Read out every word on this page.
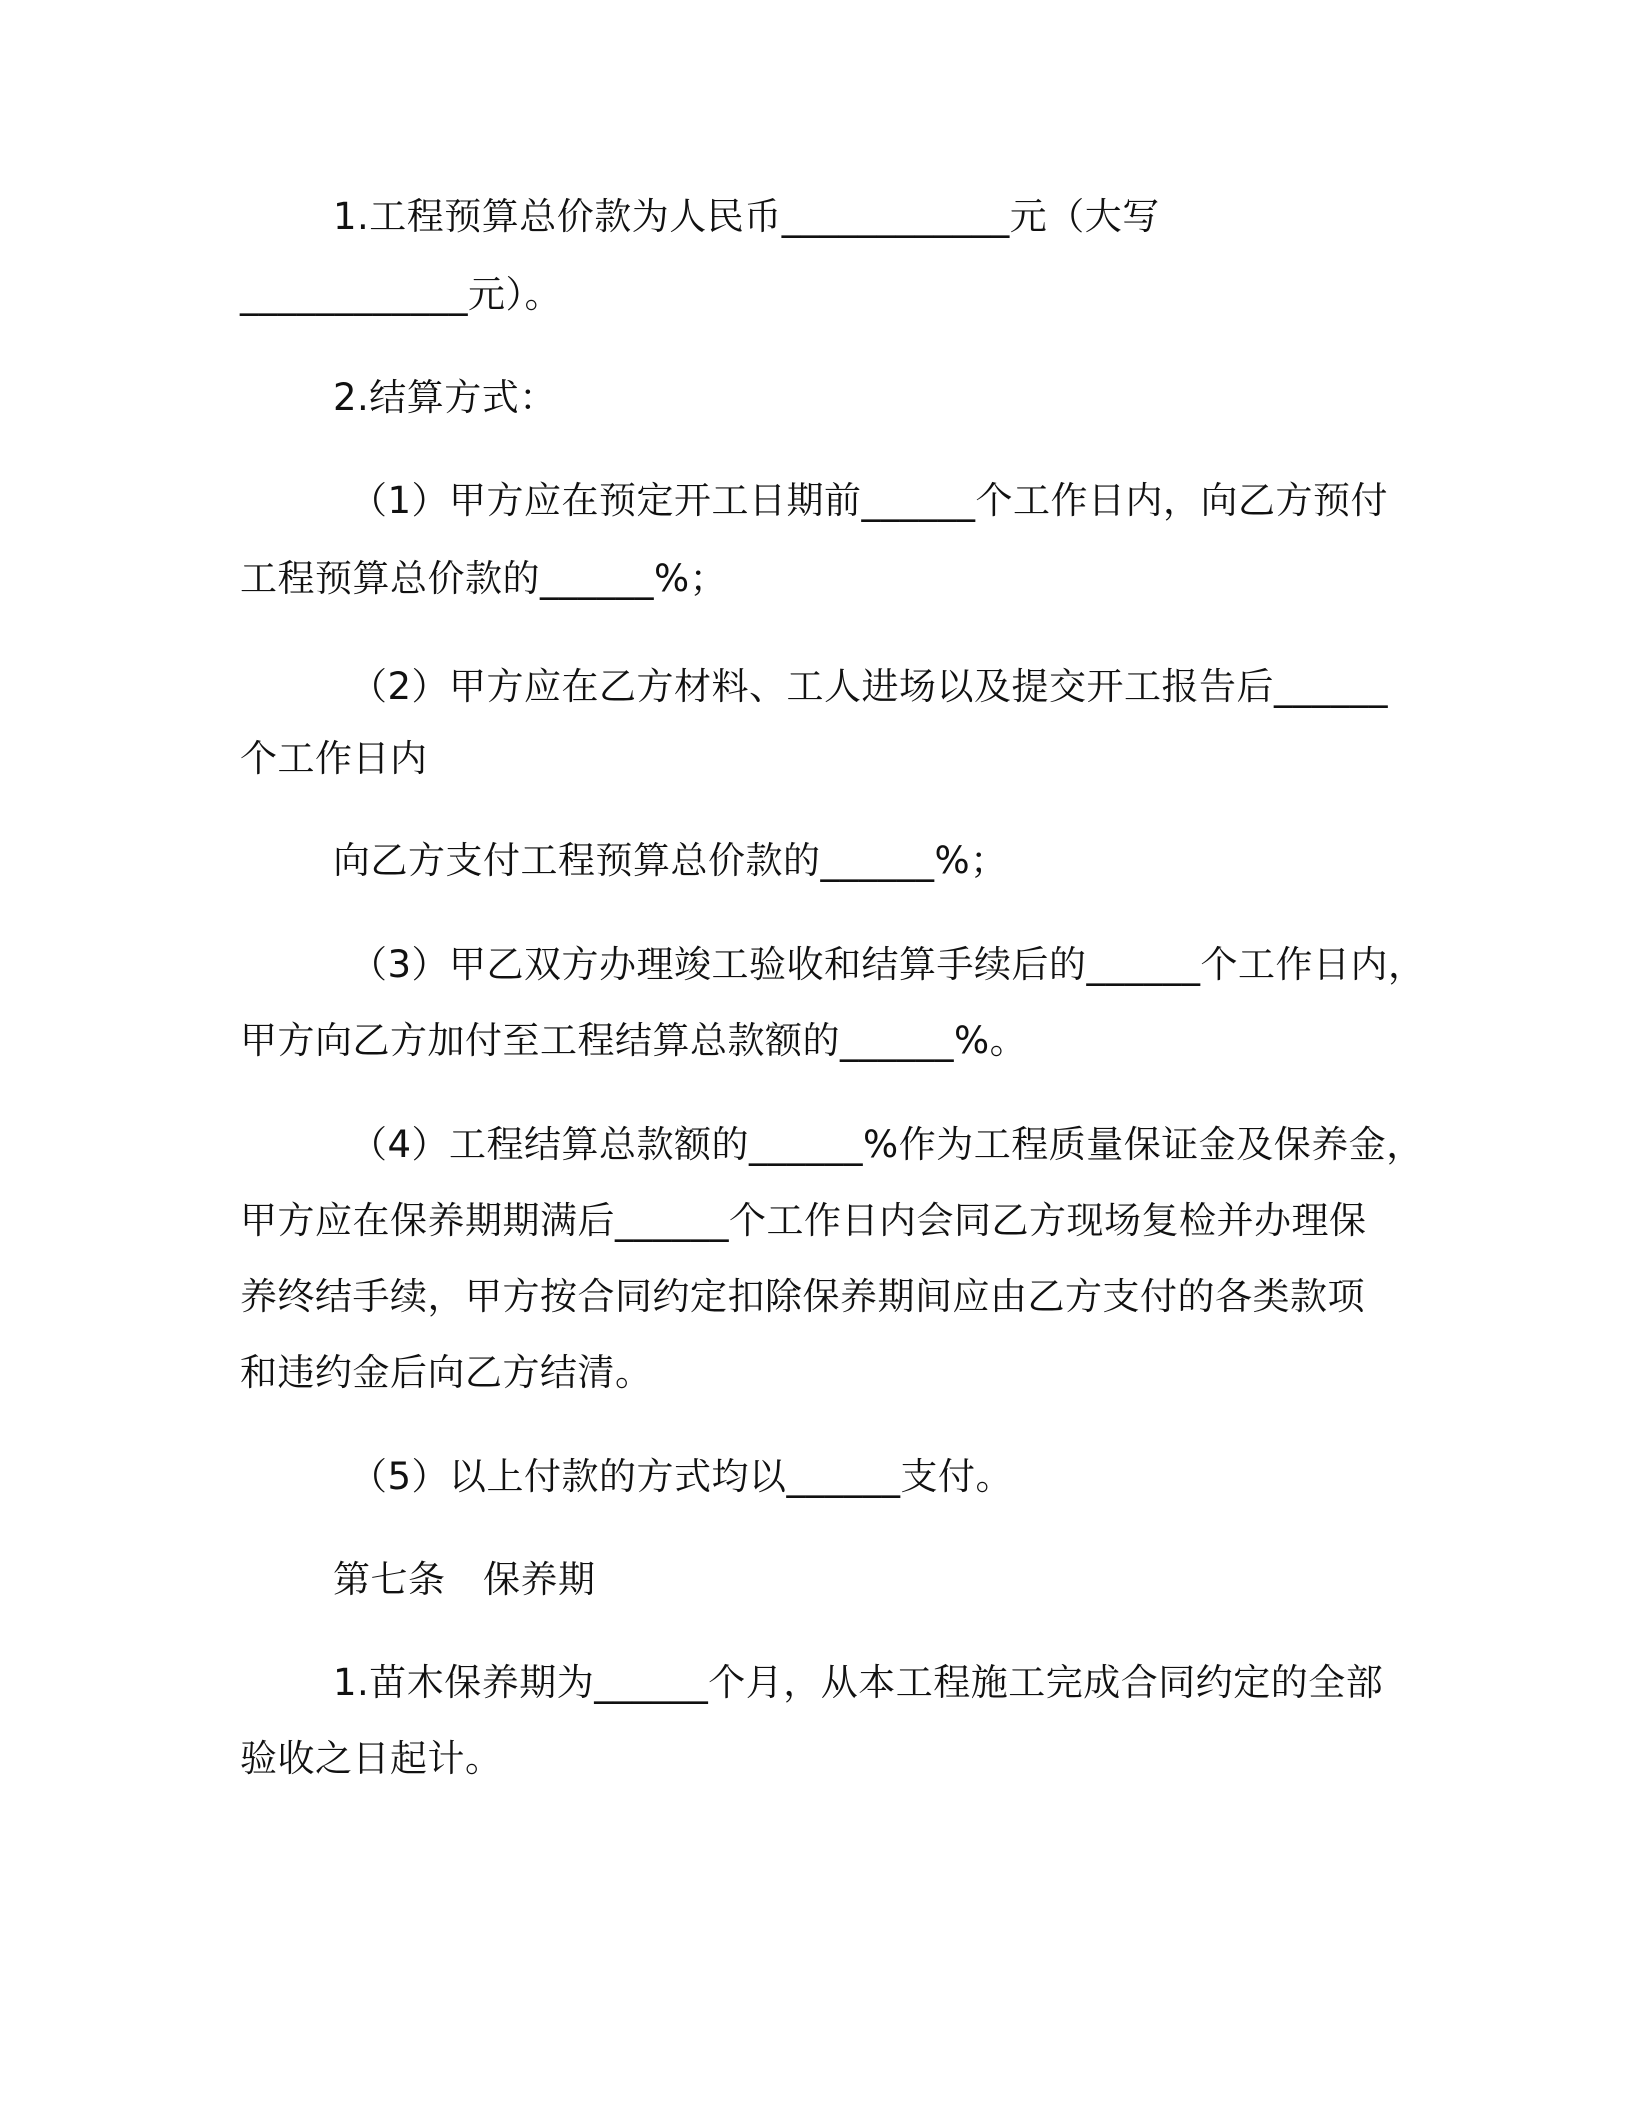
1.工程预算总价款为人民币____________元（大写
____________元）。
2.结算方式：
（1）甲方应在预定开工日期前______个工作日内，向乙方预付
工程预算总价款的______%；
（2）甲方应在乙方材料、工人进场以及提交开工报告后______
个工作日内
向乙方支付工程预算总价款的______%；
（3）甲乙双方办理竣工验收和结算手续后的______个工作日内，
甲方向乙方加付至工程结算总款额的______%。
（4）工程结算总款额的______%作为工程质量保证金及保养金，
甲方应在保养期期满后______个工作日内会同乙方现场复检并办理保
养终结手续，甲方按合同约定扣除保养期间应由乙方支付的各类款项
和违约金后向乙方结清。
（5）以上付款的方式均以______支付。
第七条　保养期
1.苗木保养期为______个月，从本工程施工完成合同约定的全部
验收之日起计。
